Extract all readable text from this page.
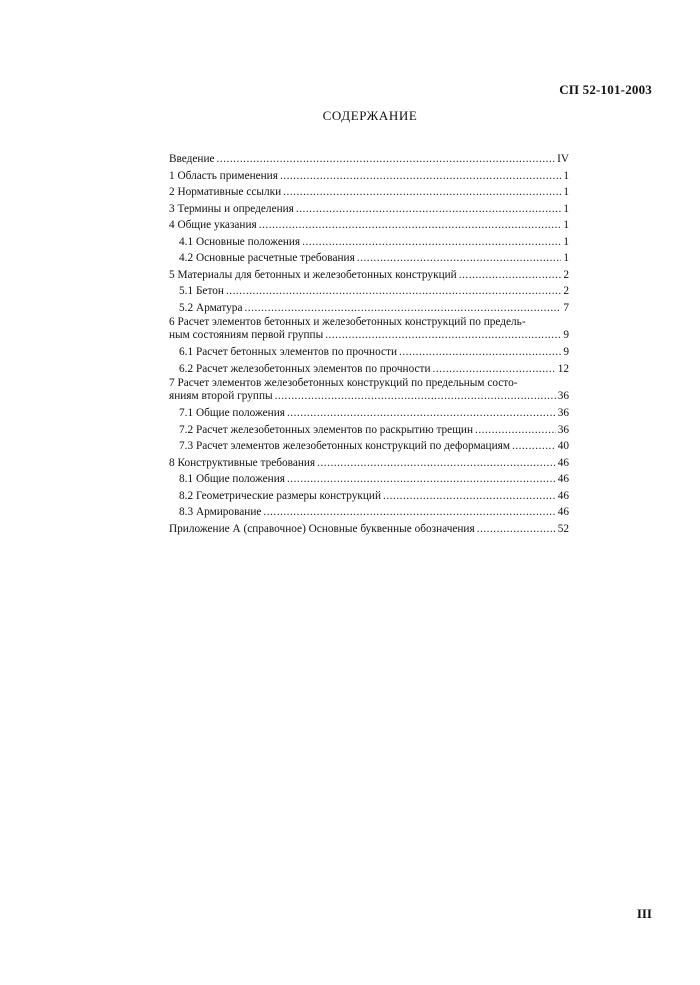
СП 52-101-2003
СОДЕРЖАНИЕ
Введение .....	IV
1 Область применения .....	1
2 Нормативные ссылки .....	1
3 Термины и определения .....	1
4 Общие указания .....	1
4.1 Основные положения .....	1
4.2 Основные расчетные требования .....	1
5 Материалы для бетонных и железобетонных конструкций .....	2
5.1 Бетон .....	2
5.2 Арматура .....	7
6 Расчет элементов бетонных и железобетонных конструкций по предель-
ным состояниям первой группы .....	9
6.1 Расчет бетонных элементов по прочности .....	9
6.2 Расчет железобетонных элементов по прочности .....	12
7 Расчет элементов железобетонных конструкций по предельным состо-
яниям второй группы .....	36
7.1 Общие положения .....	36
7.2 Расчет железобетонных элементов по раскрытию трещин .....	36
7.3 Расчет элементов железобетонных конструкций по деформациям .....	40
8 Конструктивные требования .....	46
8.1 Общие положения .....	46
8.2 Геометрические размеры конструкций .....	46
8.3 Армирование .....	46
Приложение А (справочное) Основные буквенные обозначения .....	52
III
